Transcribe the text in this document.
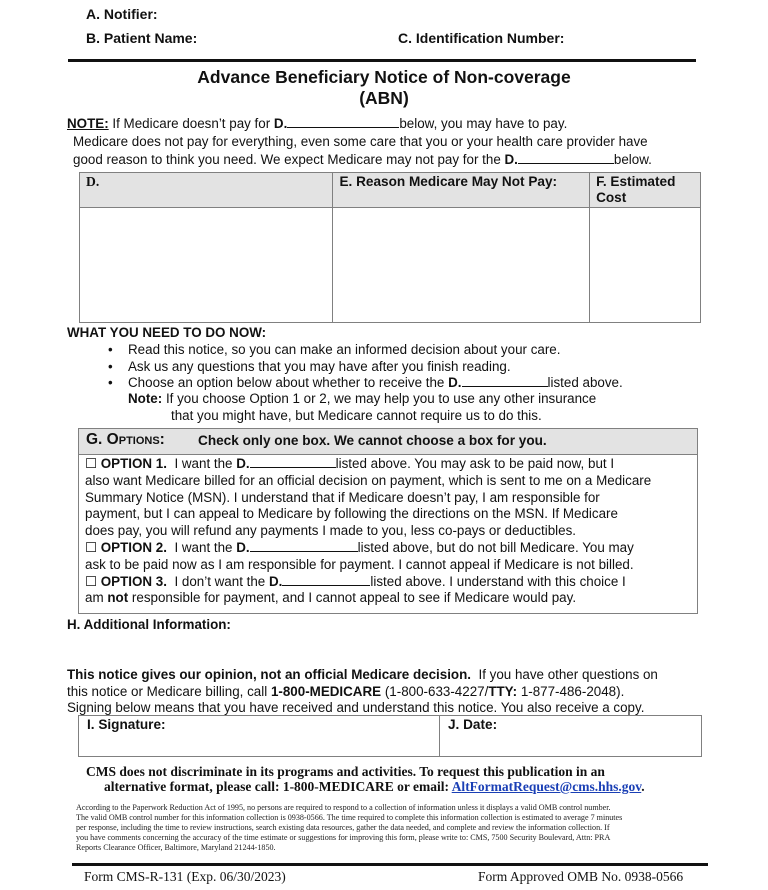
A. Notifier:
B. Patient Name:	C. Identification Number:
Advance Beneficiary Notice of Non-coverage
(ABN)
NOTE: If Medicare doesn’t pay for D.	below, you may have to pay.
Medicare does not pay for everything, even some care that you or your health care provider have
good reason to think you need. We expect Medicare may not pay for the D.	below.
D.	E. Reason Medicare May Not Pay:	F. Estimated
Cost

WHAT YOU NEED TO DO NOW:
• Read this notice, so you can make an informed decision about your care.
• Ask us any questions that you may have after you finish reading.
• Choose an option below about whether to receive the D.	listed above.
Note: If you choose Option 1 or 2, we may help you to use any other insurance
that you might have, but Medicare cannot require us to do this.
G. Options: Check only one box. We cannot choose a box for you.

☐ OPTION 1. I want the D.	listed above. You may ask to be paid now, but I

also want Medicare billed for an official decision on payment, which is sent to me on a Medicare

Summary Notice (MSN). I understand that if Medicare doesn’t pay, I am responsible for

payment, but I can appeal to Medicare by following the directions on the MSN. If Medicare

does pay, you will refund any payments I made to you, less co-pays or deductibles.

☐ OPTION 2. I want the D.	listed above, but do not bill Medicare. You may

ask to be paid now as I am responsible for payment. I cannot appeal if Medicare is not billed.

☐ OPTION 3. I don’t want the D.	listed above. I understand with this choice I

am not responsible for payment, and I cannot appeal to see if Medicare would pay.

H. Additional Information:
This notice gives our opinion, not an official Medicare decision. If you have other questions on
this notice or Medicare billing, call 1-800-MEDICARE (1-800-633-4227/TTY: 1-877-486-2048).
Signing below means that you have received and understand this notice. You also receive a copy.
I. Signature:	J. Date:
CMS does not discriminate in its programs and activities. To request this publication in an
alternative format, please call: 1-800-MEDICARE or email: AltFormatRequest@cms.hhs.gov.
According to the Paperwork Reduction Act of 1995, no persons are required to respond to a collection of information unless it displays a valid OMB control number.
The valid OMB control number for this information collection is 0938-0566. The time required to complete this information collection is estimated to average 7 minutes
per response, including the time to review instructions, search existing data resources, gather the data needed, and complete and review the information collection. If
you have comments concerning the accuracy of the time estimate or suggestions for improving this form, please write to: CMS, 7500 Security Boulevard, Attn: PRA
Reports Clearance Officer, Baltimore, Maryland 21244-1850.
Form CMS-R-131 (Exp. 06/30/2023)	Form Approved OMB No. 0938-0566
